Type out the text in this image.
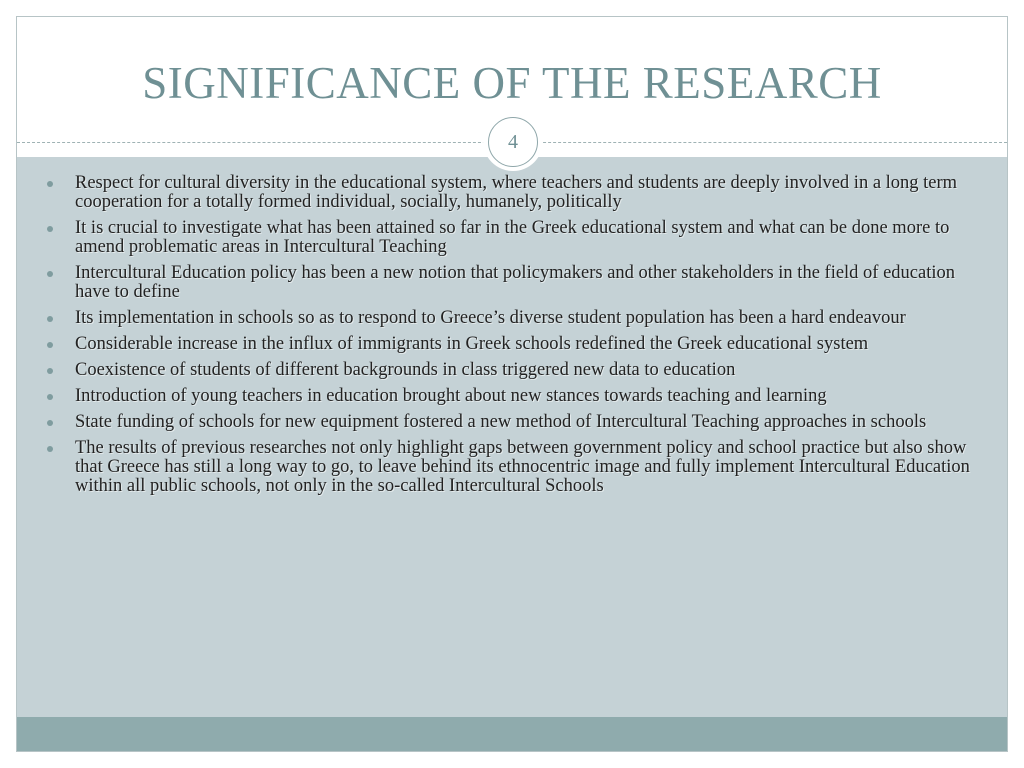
SIGNIFICANCE OF THE RESEARCH
4
Respect for cultural diversity in the educational system, where teachers and students are deeply involved in a long term cooperation for a totally formed individual, socially, humanely, politically
It is crucial to investigate what has been attained so far in the Greek educational system and what can be done more to amend problematic areas in Intercultural Teaching
Intercultural Education policy has been a new notion that policymakers and other stakeholders in the field of education have to define
Its implementation in schools so as to respond to Greece’s diverse student population has been a hard endeavour
Considerable increase in the influx of immigrants in Greek schools redefined the Greek educational system
Coexistence of students of different backgrounds in class triggered new data to education
Introduction of young teachers in education brought about new stances towards teaching and learning
State funding of schools for new equipment fostered a new method of Intercultural Teaching approaches in schools
The results of previous researches not only highlight gaps between government policy and school practice but also show that Greece has still a long way to go, to leave behind its ethnocentric image and fully implement Intercultural Education within all public schools, not only in the so-called Intercultural Schools
